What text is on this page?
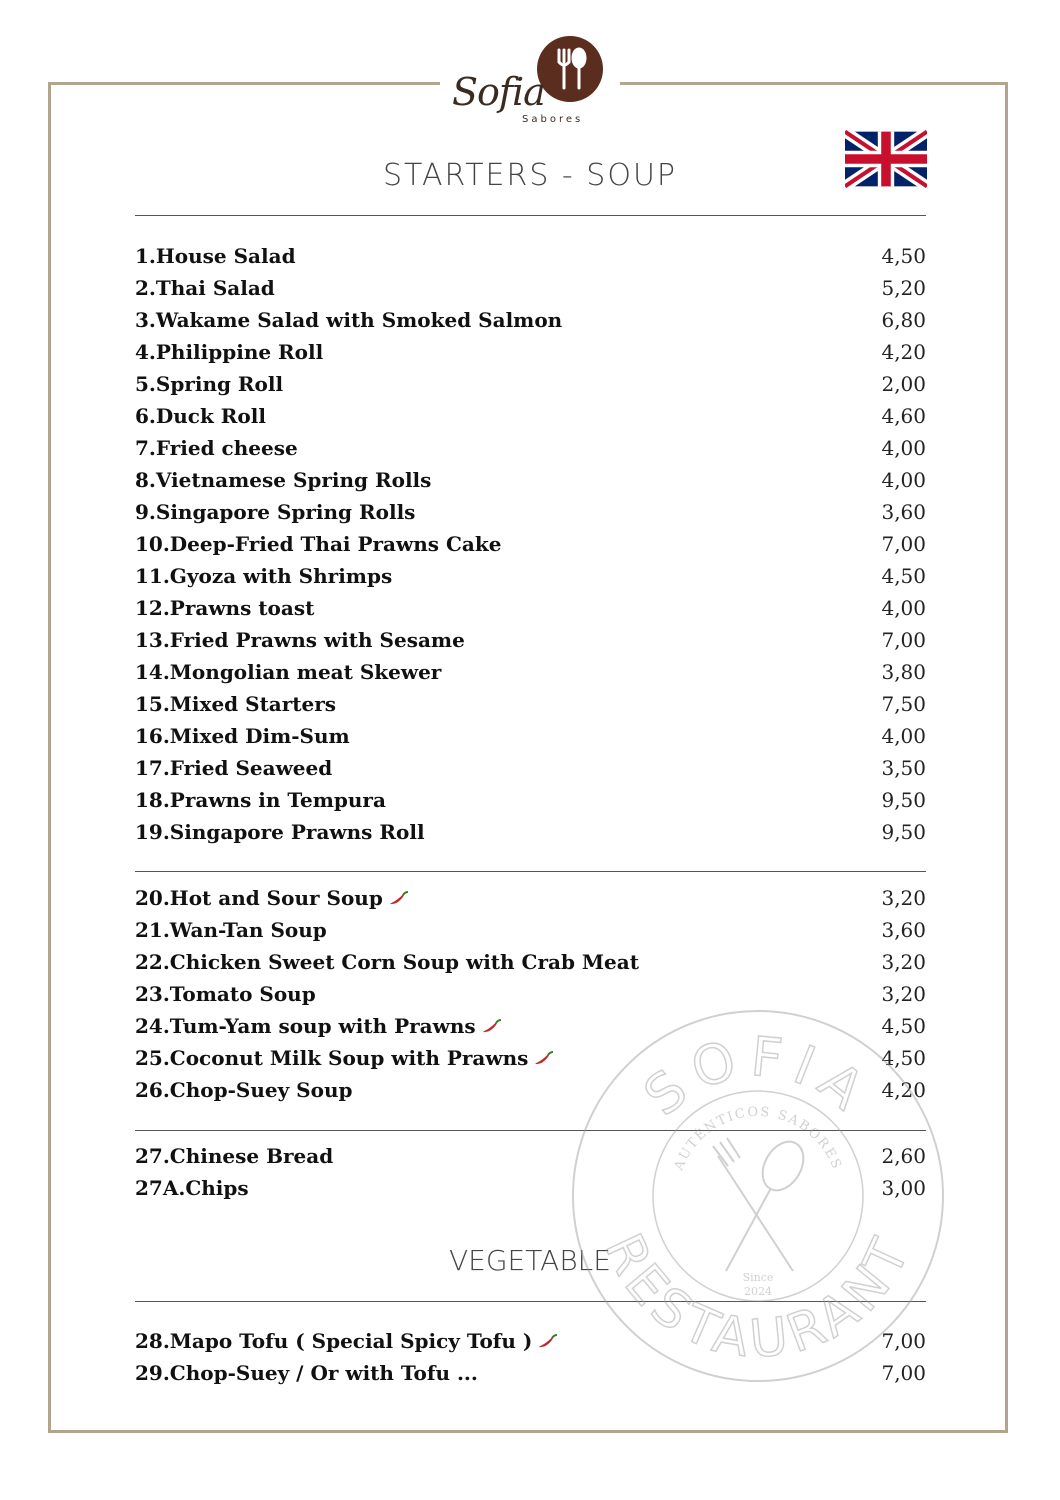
Sofia
Sabores
STARTERS - SOUP
1.House Salad	4,50
2.Thai Salad	5,20
3.Wakame Salad with Smoked Salmon	6,80
4.Philippine Roll	4,20
5.Spring Roll	2,00
6.Duck Roll	4,60
7.Fried cheese	4,00
8.Vietnamese Spring Rolls	4,00
9.Singapore Spring Rolls	3,60
10.Deep-Fried Thai Prawns Cake	7,00
11.Gyoza with Shrimps	4,50
12.Prawns toast	4,00
13.Fried Prawns with Sesame	7,00
14.Mongolian meat Skewer	3,80
15.Mixed Starters	7,50
16.Mixed Dim-Sum	4,00
17.Fried Seaweed	3,50
18.Prawns in Tempura	9,50
19.Singapore Prawns Roll	9,50
20.Hot and Sour Soup	3,20
21.Wan-Tan Soup	3,60
22.Chicken Sweet Corn Soup with Crab Meat	3,20
23.Tomato Soup	3,20
24.Tum-Yam soup with Prawns	4,50
25.Coconut Milk Soup with Prawns	4,50
26.Chop-Suey Soup	4,20
27.Chinese Bread	2,60
27A.Chips	3,00
VEGETABLE
28.Mapo Tofu ( Special Spicy Tofu )	7,00
29.Chop-Suey / Or with Tofu ...	7,00
SOFIA
AUTÉNTICOS SABORES
RESTAURANT
Since
2024
